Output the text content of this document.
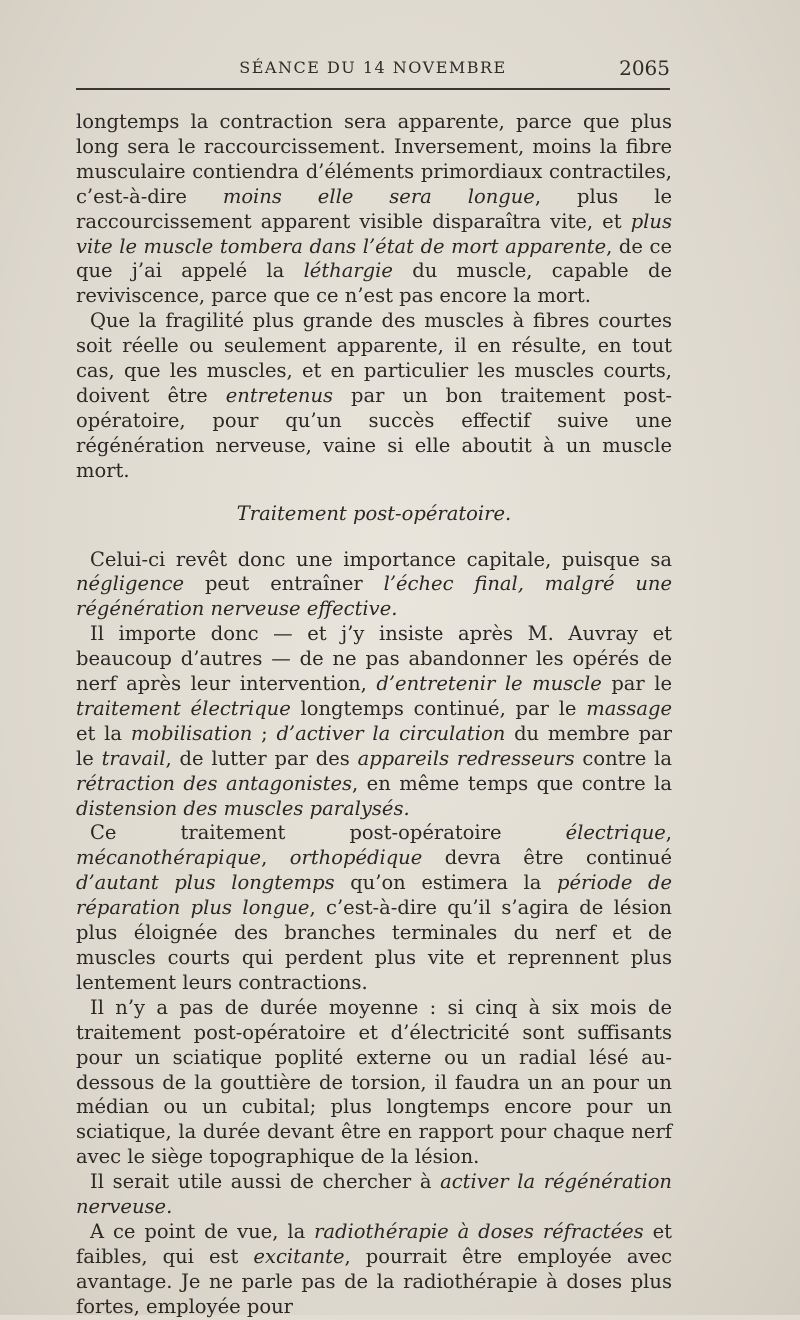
SÉANCE DU 14 NOVEMBRE	2065

longtemps la contraction sera apparente, parce que plus long sera le raccourcissement. Inversement, moins la fibre musculaire contiendra d’éléments primordiaux contractiles, c’est-à-dire moins elle sera longue, plus le raccourcissement apparent visible disparaîtra vite, et plus vite le muscle tombera dans l’état de mort apparente, de ce que j’ai appelé la léthargie du muscle, capable de reviviscence, parce que ce n’est pas encore la mort.

Que la fragilité plus grande des muscles à fibres courtes soit réelle ou seulement apparente, il en résulte, en tout cas, que les muscles, et en particulier les muscles courts, doivent être entretenus par un bon traitement post-opératoire, pour qu’un succès effectif suive une régénération nerveuse, vaine si elle aboutit à un muscle mort.

Traitement post-opératoire.

Celui-ci revêt donc une importance capitale, puisque sa négligence peut entraîner l’échec final, malgré une régénération nerveuse effective.

Il importe donc — et j’y insiste après M. Auvray et beaucoup d’autres — de ne pas abandonner les opérés de nerf après leur intervention, d’entretenir le muscle par le traitement électrique longtemps continué, par le massage et la mobilisation ; d’activer la circulation du membre par le travail, de lutter par des appareils redresseurs contre la rétraction des antagonistes, en même temps que contre la distension des muscles paralysés.

Ce traitement post-opératoire électrique, mécanothérapique, orthopédique devra être continué d’autant plus longtemps qu’on estimera la période de réparation plus longue, c’est-à-dire qu’il s’agira de lésion plus éloignée des branches terminales du nerf et de muscles courts qui perdent plus vite et reprennent plus lentement leurs contractions.

Il n’y a pas de durée moyenne : si cinq à six mois de traitement post-opératoire et d’électricité sont suffisants pour un sciatique poplité externe ou un radial lésé au-dessous de la gouttière de torsion, il faudra un an pour un médian ou un cubital; plus longtemps encore pour un sciatique, la durée devant être en rapport pour chaque nerf avec le siège topographique de la lésion.

Il serait utile aussi de chercher à activer la régénération nerveuse.

A ce point de vue, la radiothérapie à doses réfractées et faibles, qui est excitante, pourrait être employée avec avantage. Je ne parle pas de la radiothérapie à doses plus fortes, employée pour
